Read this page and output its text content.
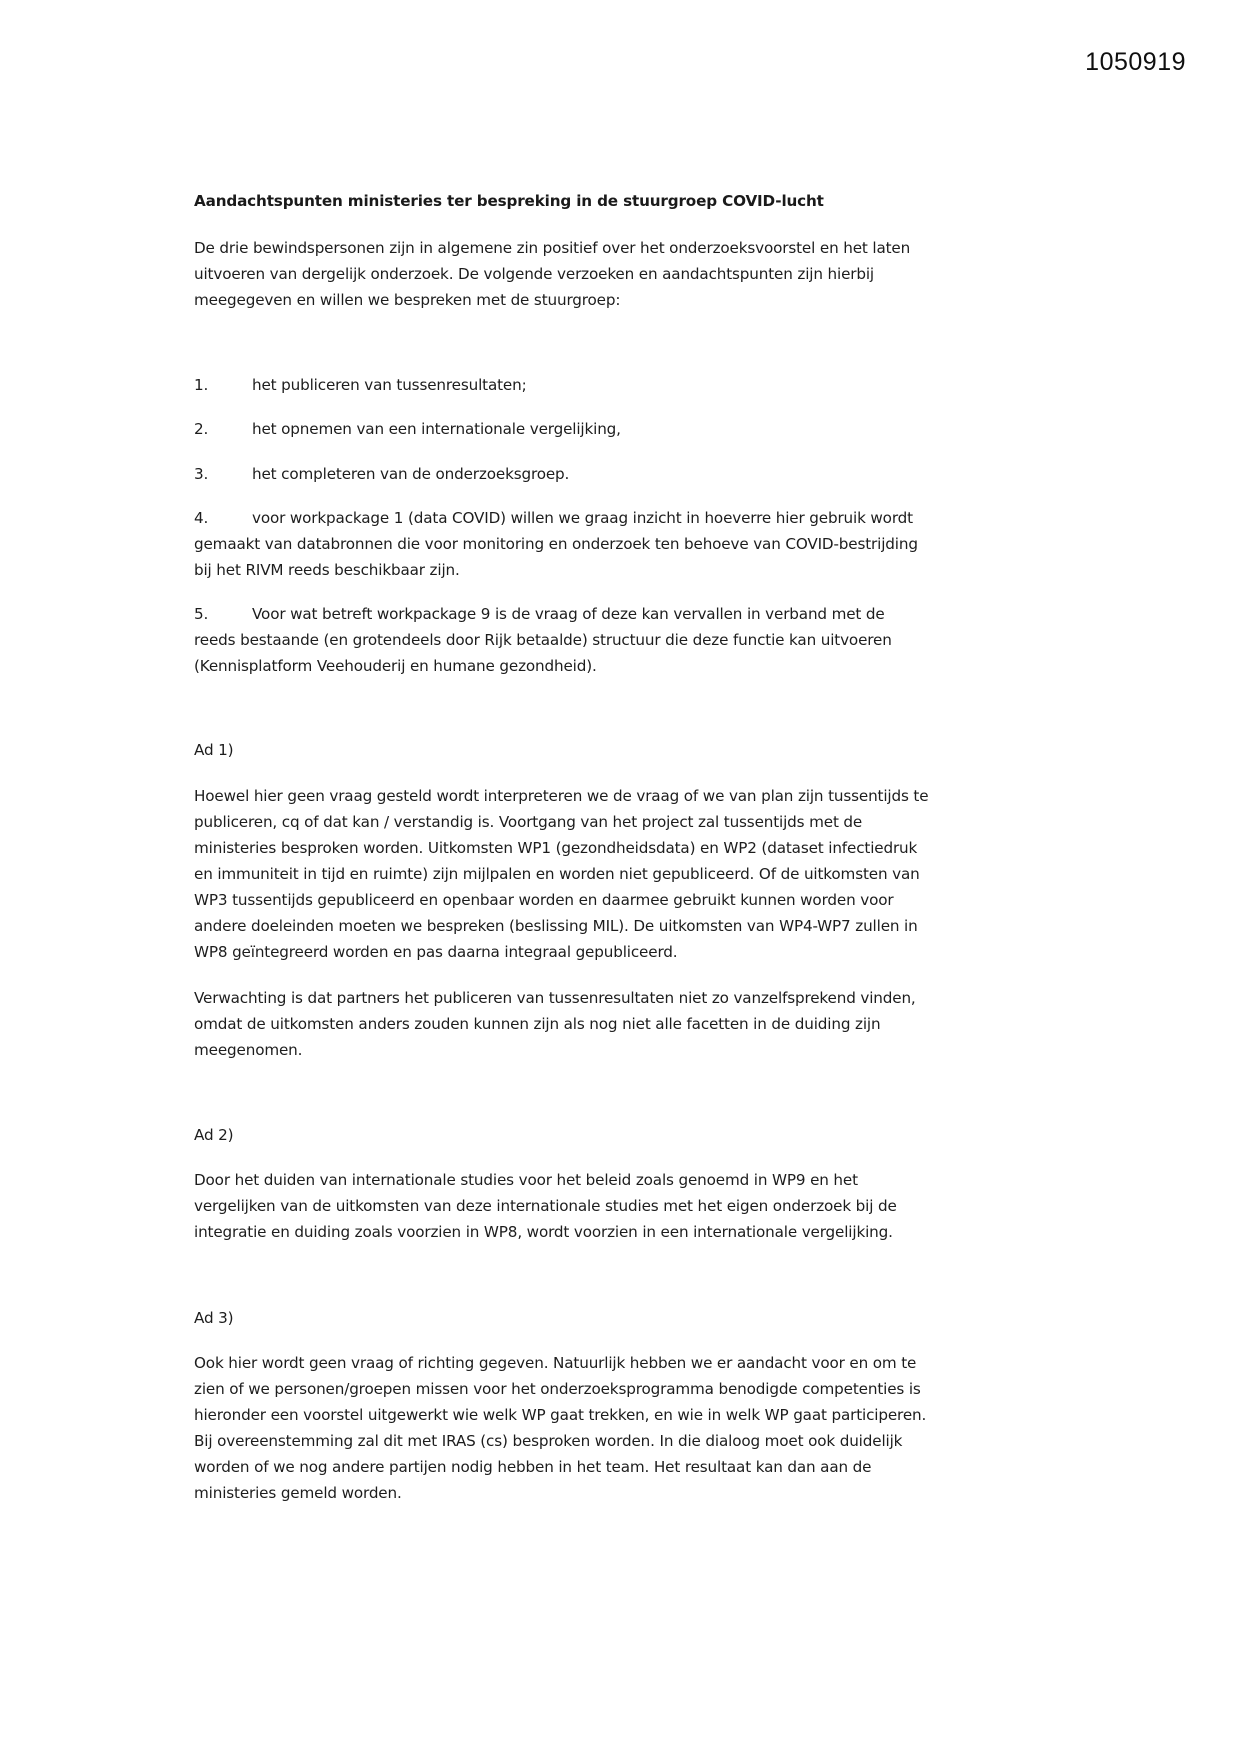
1050919
Aandachtspunten ministeries ter bespreking in de stuurgroep COVID-lucht

De drie bewindspersonen zijn in algemene zin positief over het onderzoeksvoorstel en het laten uitvoeren van dergelijk onderzoek. De volgende verzoeken en aandachtspunten zijn hierbij meegegeven en willen we bespreken met de stuurgroep:

1.	het publiceren van tussenresultaten;
2.	het opnemen van een internationale vergelijking,
3.	het completeren van de onderzoeksgroep.
4.	voor workpackage 1 (data COVID) willen we graag inzicht in hoeverre hier gebruik wordt gemaakt van databronnen die voor monitoring en onderzoek ten behoeve van COVID-bestrijding bij het RIVM reeds beschikbaar zijn.
5.	Voor wat betreft workpackage 9 is de vraag of deze kan vervallen in verband met de reeds bestaande (en grotendeels door Rijk betaalde) structuur die deze functie kan uitvoeren (Kennisplatform Veehouderij en humane gezondheid).
Ad 1)

Hoewel hier geen vraag gesteld wordt interpreteren we de vraag of we van plan zijn tussentijds te publiceren, cq of dat kan / verstandig is. Voortgang van het project zal tussentijds met de ministeries besproken worden. Uitkomsten WP1 (gezondheidsdata) en WP2 (dataset infectiedruk en immuniteit in tijd en ruimte) zijn mijlpalen en worden niet gepubliceerd. Of de uitkomsten van WP3 tussentijds gepubliceerd en openbaar worden en daarmee gebruikt kunnen worden voor andere doeleinden moeten we bespreken (beslissing MIL). De uitkomsten van WP4-WP7 zullen in WP8 geïntegreerd worden en pas daarna integraal gepubliceerd.

Verwachting is dat partners het publiceren van tussenresultaten niet zo vanzelfsprekend vinden, omdat de uitkomsten anders zouden kunnen zijn als nog niet alle facetten in de duiding zijn meegenomen.

Ad 2)

Door het duiden van internationale studies voor het beleid zoals genoemd in WP9 en het vergelijken van de uitkomsten van deze internationale studies met het eigen onderzoek bij de integratie en duiding zoals voorzien in WP8, wordt voorzien in een internationale vergelijking.

Ad 3)

Ook hier wordt geen vraag of richting gegeven. Natuurlijk hebben we er aandacht voor en om te zien of we personen/groepen missen voor het onderzoeksprogramma benodigde competenties is hieronder een voorstel uitgewerkt wie welk WP gaat trekken, en wie in welk WP gaat participeren. Bij overeenstemming zal dit met IRAS (cs) besproken worden. In die dialoog moet ook duidelijk worden of we nog andere partijen nodig hebben in het team. Het resultaat kan dan aan de ministeries gemeld worden.
